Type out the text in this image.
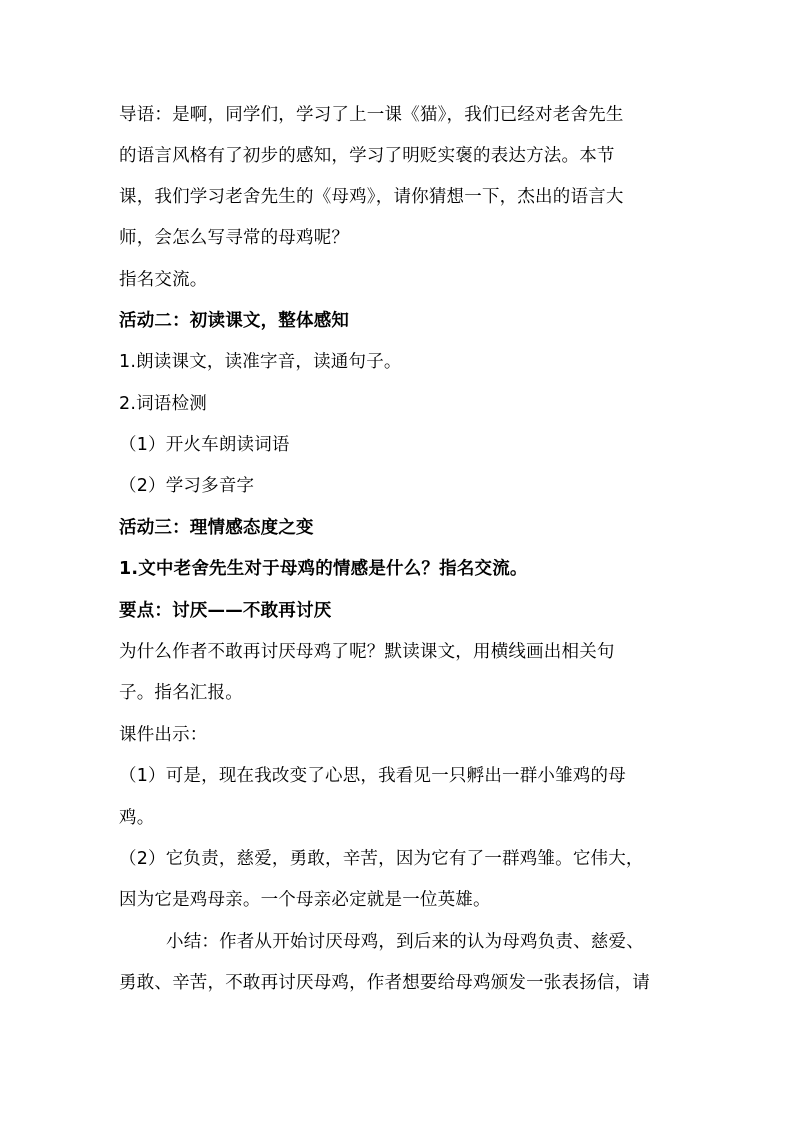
导语：是啊，同学们，学习了上一课《猫》，我们已经对老舍先生
的语言风格有了初步的感知，学习了明贬实褒的表达方法。本节
课，我们学习老舍先生的《母鸡》，请你猜想一下，杰出的语言大
师，会怎么写寻常的母鸡呢？
指名交流。
活动二：初读课文，整体感知
1.朗读课文，读准字音，读通句子。
2.词语检测
（1）开火车朗读词语
（2）学习多音字
活动三：理情感态度之变
1.文中老舍先生对于母鸡的情感是什么？指名交流。
要点：讨厌——不敢再讨厌
为什么作者不敢再讨厌母鸡了呢？默读课文，用横线画出相关句
子。指名汇报。
课件出示：
（1）可是，现在我改变了心思，我看见一只孵出一群小雏鸡的母
鸡。
（2）它负责，慈爱，勇敢，辛苦，因为它有了一群鸡雏。它伟大，
因为它是鸡母亲。一个母亲必定就是一位英雄。
小结：作者从开始讨厌母鸡，到后来的认为母鸡负责、慈爱、
勇敢、辛苦，不敢再讨厌母鸡，作者想要给母鸡颁发一张表扬信，请
